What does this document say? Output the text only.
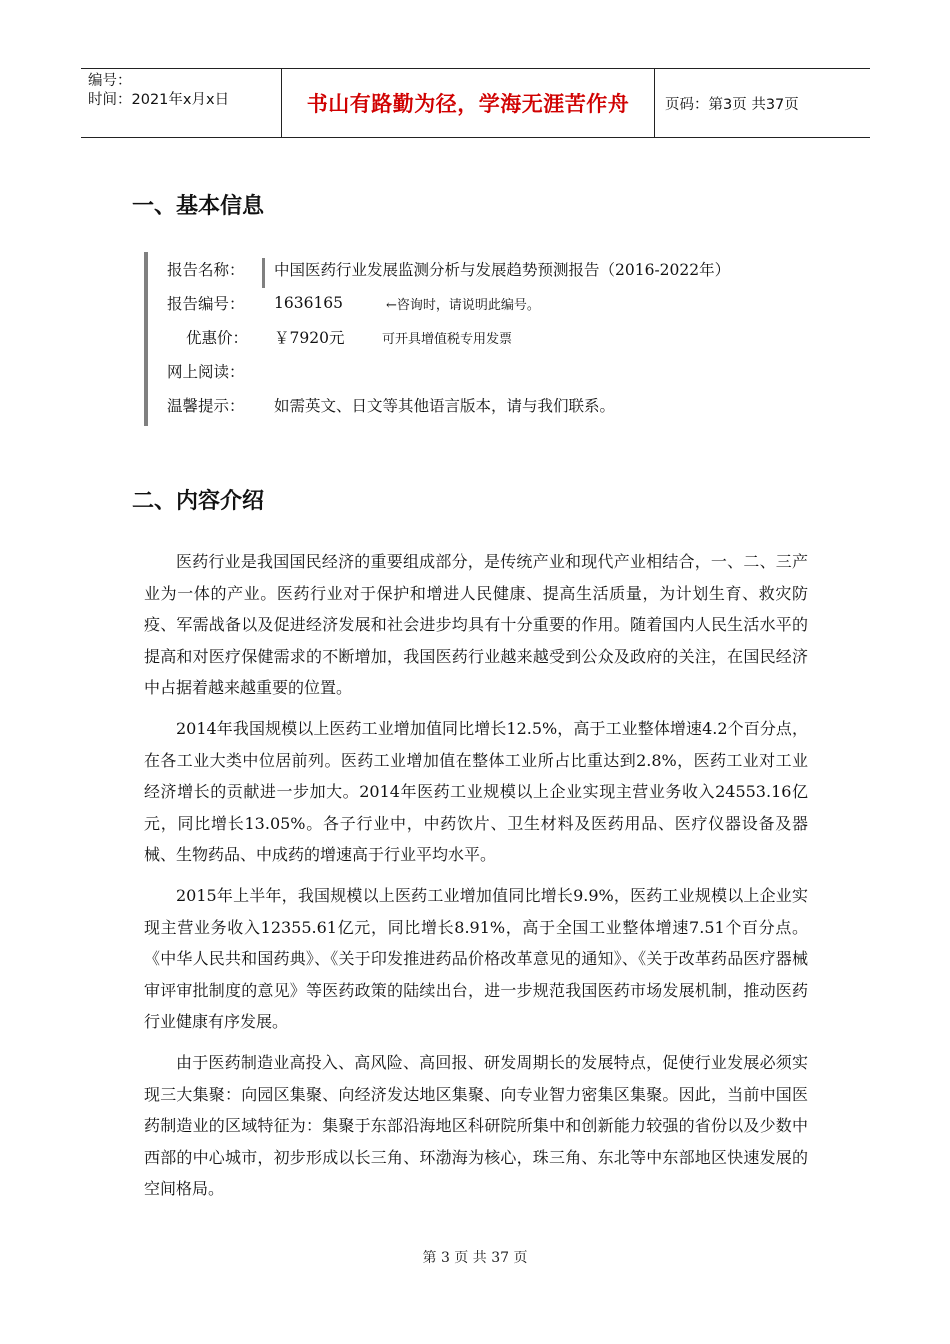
编号：
时间：2021年x月x日	书山有路勤为径，学海无涯苦作舟	页码：第3页 共37页
一、基本信息
报告名称：	中国医药行业发展监测分析与发展趋势预测报告（2016-2022年）
报告编号：	1636165	←咨询时，请说明此编号。
优惠价：	￥7920元	可开具增值税专用发票
网上阅读：
温馨提示：	如需英文、日文等其他语言版本，请与我们联系。
二、内容介绍

医药行业是我国国民经济的重要组成部分，是传统产业和现代产业相结合，一、二、三产业为一体的产业。医药行业对于保护和增进人民健康、提高生活质量，为计划生育、救灾防疫、军需战备以及促进经济发展和社会进步均具有十分重要的作用。随着国内人民生活水平的提高和对医疗保健需求的不断增加，我国医药行业越来越受到公众及政府的关注，在国民经济中占据着越来越重要的位置。

2014年我国规模以上医药工业增加值同比增长12.5%，高于工业整体增速4.2个百分点，在各工业大类中位居前列。医药工业增加值在整体工业所占比重达到2.8%，医药工业对工业经济增长的贡献进一步加大。2014年医药工业规模以上企业实现主营业务收入24553.16亿元，同比增长13.05%。各子行业中，中药饮片、卫生材料及医药用品、医疗仪器设备及器械、生物药品、中成药的增速高于行业平均水平。

2015年上半年，我国规模以上医药工业增加值同比增长9.9%，医药工业规模以上企业实现主营业务收入12355.61亿元，同比增长8.91%，高于全国工业整体增速7.51个百分点。《中华人民共和国药典》、《关于印发推进药品价格改革意见的通知》、《关于改革药品医疗器械审评审批制度的意见》等医药政策的陆续出台，进一步规范我国医药市场发展机制，推动医药行业健康有序发展。

由于医药制造业高投入、高风险、高回报、研发周期长的发展特点，促使行业发展必须实现三大集聚：向园区集聚、向经济发达地区集聚、向专业智力密集区集聚。因此，当前中国医药制造业的区域特征为：集聚于东部沿海地区科研院所集中和创新能力较强的省份以及少数中西部的中心城市，初步形成以长三角、环渤海为核心，珠三角、东北等中东部地区快速发展的空间格局。

第 3 页 共 37 页
